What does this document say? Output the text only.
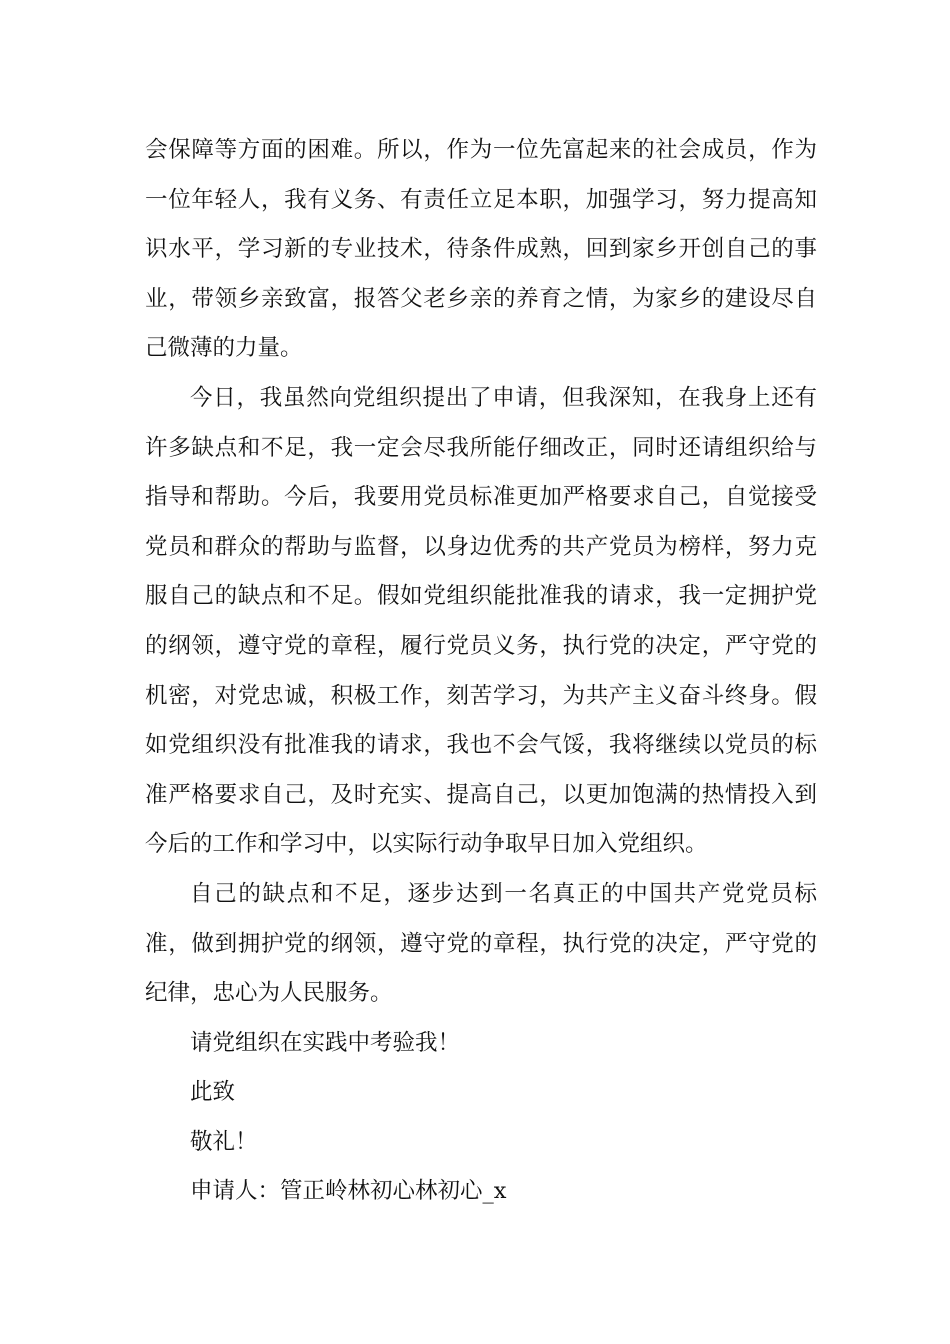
会保障等方面的困难。所以，作为一位先富起来的社会成员，作为一位年轻人，我有义务、有责任立足本职，加强学习，努力提高知识水平，学习新的专业技术，待条件成熟，回到家乡开创自己的事业，带领乡亲致富，报答父老乡亲的养育之情，为家乡的建设尽自己微薄的力量。

今日，我虽然向党组织提出了申请，但我深知，在我身上还有许多缺点和不足，我一定会尽我所能仔细改正，同时还请组织给与指导和帮助。今后，我要用党员标准更加严格要求自己，自觉接受党员和群众的帮助与监督，以身边优秀的共产党员为榜样，努力克服自己的缺点和不足。假如党组织能批准我的请求，我一定拥护党的纲领，遵守党的章程，履行党员义务，执行党的决定，严守党的机密，对党忠诚，积极工作，刻苦学习，为共产主义奋斗终身。假如党组织没有批准我的请求，我也不会气馁，我将继续以党员的标准严格要求自己，及时充实、提高自己，以更加饱满的热情投入到今后的工作和学习中，以实际行动争取早日加入党组织。

自己的缺点和不足，逐步达到一名真正的中国共产党党员标准，做到拥护党的纲领，遵守党的章程，执行党的决定，严守党的纪律，忠心为人民服务。

请党组织在实践中考验我！

此致

敬礼！

申请人：管正岭林初心林初心_x
